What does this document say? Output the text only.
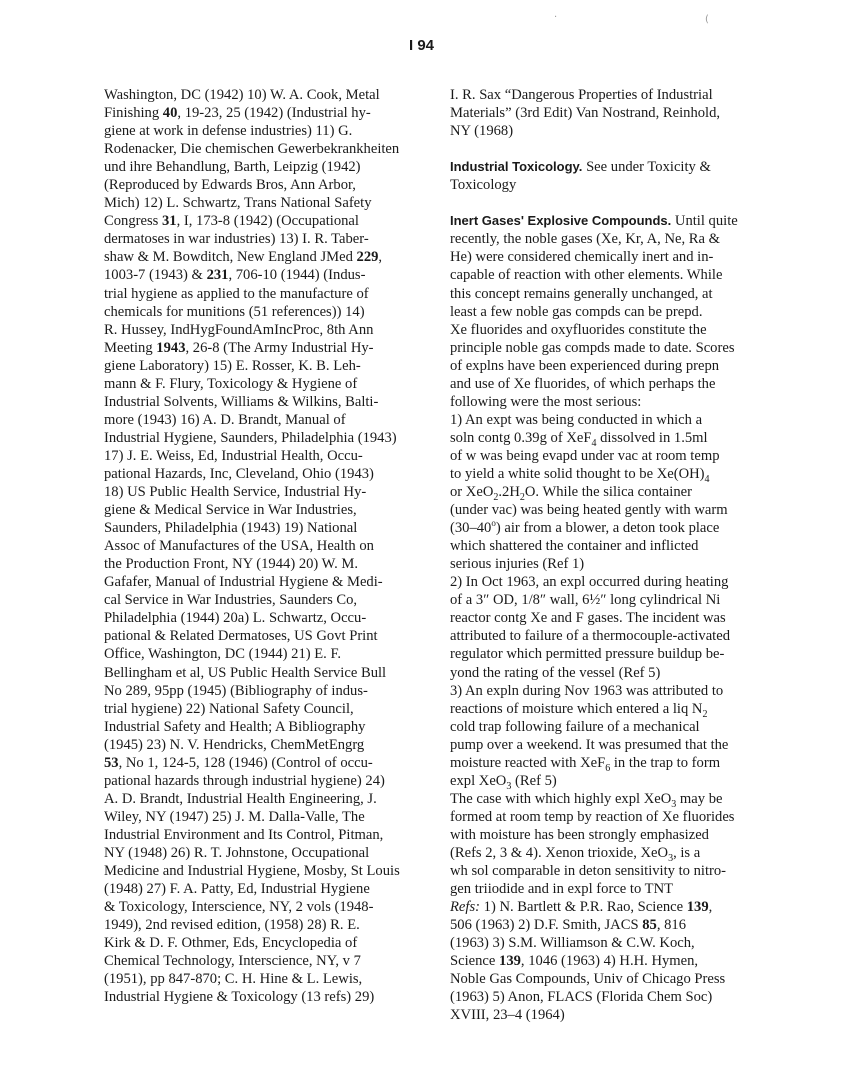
I 94
Washington, DC (1942) 10) W. A. Cook, Metal
Finishing 40, 19-23, 25 (1942) (Industrial hy-
giene at work in defense industries) 11) G.
Rodenacker, Die chemischen Gewerbekrankheiten
und ihre Behandlung, Barth, Leipzig (1942)
(Reproduced by Edwards Bros, Ann Arbor,
Mich) 12) L. Schwartz, Trans National Safety
Congress 31, I, 173-8 (1942) (Occupational
dermatoses in war industries) 13) I. R. Taber-
shaw & M. Bowditch, New England JMed 229,
1003-7 (1943) & 231, 706-10 (1944) (Indus-
trial hygiene as applied to the manufacture of
chemicals for munitions (51 references)) 14)
R. Hussey, IndHygFoundAmIncProc, 8th Ann
Meeting 1943, 26-8 (The Army Industrial Hy-
giene Laboratory) 15) E. Rosser, K. B. Leh-
mann & F. Flury, Toxicology & Hygiene of
Industrial Solvents, Williams & Wilkins, Balti-
more (1943) 16) A. D. Brandt, Manual of
Industrial Hygiene, Saunders, Philadelphia (1943)
17) J. E. Weiss, Ed, Industrial Health, Occu-
pational Hazards, Inc, Cleveland, Ohio (1943)
18) US Public Health Service, Industrial Hy-
giene & Medical Service in War Industries,
Saunders, Philadelphia (1943) 19) National
Assoc of Manufactures of the USA, Health on
the Production Front, NY (1944) 20) W. M.
Gafafer, Manual of Industrial Hygiene & Medi-
cal Service in War Industries, Saunders Co,
Philadelphia (1944) 20a) L. Schwartz, Occu-
pational & Related Dermatoses, US Govt Print
Office, Washington, DC (1944) 21) E. F.
Bellingham et al, US Public Health Service Bull
No 289, 95pp (1945) (Bibliography of indus-
trial hygiene) 22) National Safety Council,
Industrial Safety and Health; A Bibliography
(1945) 23) N. V. Hendricks, ChemMetEngrg
53, No 1, 124-5, 128 (1946) (Control of occu-
pational hazards through industrial hygiene) 24)
A. D. Brandt, Industrial Health Engineering, J.
Wiley, NY (1947) 25) J. M. Dalla-Valle, The
Industrial Environment and Its Control, Pitman,
NY (1948) 26) R. T. Johnstone, Occupational
Medicine and Industrial Hygiene, Mosby, St Louis
(1948) 27) F. A. Patty, Ed, Industrial Hygiene
& Toxicology, Interscience, NY, 2 vols (1948-
1949), 2nd revised edition, (1958) 28) R. E.
Kirk & D. F. Othmer, Eds, Encyclopedia of
Chemical Technology, Interscience, NY, v 7
(1951), pp 847-870; C. H. Hine & L. Lewis,
Industrial Hygiene & Toxicology (13 refs) 29)
I. R. Sax “Dangerous Properties of Industrial
Materials” (3rd Edit) Van Nostrand, Reinhold,
NY (1968)
Industrial Toxicology. See under Toxicity &
Toxicology
Inert Gases' Explosive Compounds. Until quite
recently, the noble gases (Xe, Kr, A, Ne, Ra &
He) were considered chemically inert and in-
capable of reaction with other elements. While
this concept remains generally unchanged, at
least a few noble gas compds can be prepd.
Xe fluorides and oxyfluorides constitute the
principle noble gas compds made to date. Scores
of explns have been experienced during prepn
and use of Xe fluorides, of which perhaps the
following were the most serious:
1) An expt was being conducted in which a
soln contg 0.39g of XeF$_4$ dissolved in 1.5ml
of w was being evapd under vac at room temp
to yield a white solid thought to be $Xe(OH)_4$
or $XeO_2.2H_2O$. While the silica container
(under vac) was being heated gently with warm
(30–40$^o$) air from a blower, a deton took place
which shattered the container and inflicted
serious injuries (Ref 1)
2) In Oct 1963, an expl occurred during heating
of a 3″ OD, 1/8″ wall, 6½″ long cylindrical Ni
reactor contg Xe and F gases. The incident was
attributed to failure of a thermocouple-activated
regulator which permitted pressure buildup be-
yond the rating of the vessel (Ref 5)
3) An expln during Nov 1963 was attributed to
reactions of moisture which entered a liq $N_2$
cold trap following failure of a mechanical
pump over a weekend. It was presumed that the
moisture reacted with XeF$_6$ in the trap to form
expl XeO$_3$ (Ref 5)
The case with which highly expl XeO$_3$ may be
formed at room temp by reaction of Xe fluorides
with moisture has been strongly emphasized
(Refs 2, 3 & 4). Xenon trioxide, XeO$_3$, is a
wh sol comparable in deton sensitivity to nitro-
gen triiodide and in expl force to TNT
Refs: 1) N. Bartlett & P.R. Rao, Science 139,
506 (1963) 2) D.F. Smith, JACS 85, 816
(1963) 3) S.M. Williamson & C.W. Koch,
Science 139, 1046 (1963) 4) H.H. Hymen,
Noble Gas Compounds, Univ of Chicago Press
(1963) 5) Anon, FLACS (Florida Chem Soc)
XVIII, 23–4 (1964)
·	(
